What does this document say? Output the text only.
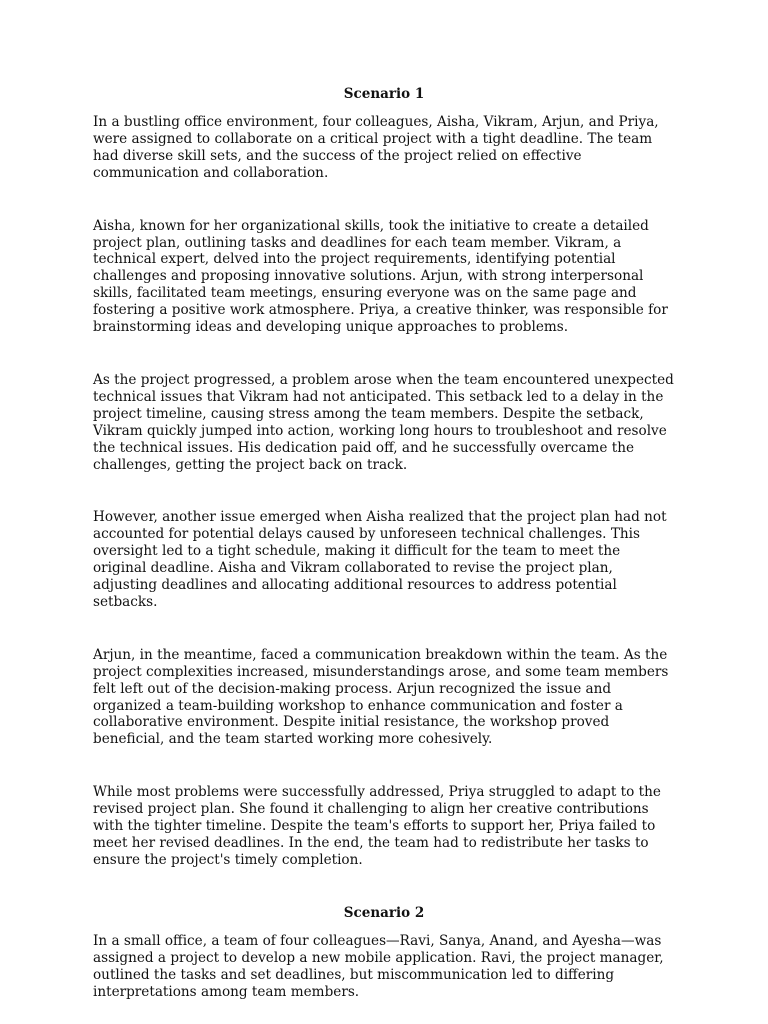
Scenario 1

In a bustling office environment, four colleagues, Aisha, Vikram, Arjun, and Priya, were assigned to collaborate on a critical project with a tight deadline. The team had diverse skill sets, and the success of the project relied on effective communication and collaboration.

Aisha, known for her organizational skills, took the initiative to create a detailed project plan, outlining tasks and deadlines for each team member. Vikram, a technical expert, delved into the project requirements, identifying potential challenges and proposing innovative solutions. Arjun, with strong interpersonal skills, facilitated team meetings, ensuring everyone was on the same page and fostering a positive work atmosphere. Priya, a creative thinker, was responsible for brainstorming ideas and developing unique approaches to problems.

As the project progressed, a problem arose when the team encountered unexpected technical issues that Vikram had not anticipated. This setback led to a delay in the project timeline, causing stress among the team members. Despite the setback, Vikram quickly jumped into action, working long hours to troubleshoot and resolve the technical issues. His dedication paid off, and he successfully overcame the challenges, getting the project back on track.

However, another issue emerged when Aisha realized that the project plan had not accounted for potential delays caused by unforeseen technical challenges. This oversight led to a tight schedule, making it difficult for the team to meet the original deadline. Aisha and Vikram collaborated to revise the project plan, adjusting deadlines and allocating additional resources to address potential setbacks.

Arjun, in the meantime, faced a communication breakdown within the team. As the project complexities increased, misunderstandings arose, and some team members felt left out of the decision-making process. Arjun recognized the issue and organized a team-building workshop to enhance communication and foster a collaborative environment. Despite initial resistance, the workshop proved beneficial, and the team started working more cohesively.

While most problems were successfully addressed, Priya struggled to adapt to the revised project plan. She found it challenging to align her creative contributions with the tighter timeline. Despite the team's efforts to support her, Priya failed to meet her revised deadlines. In the end, the team had to redistribute her tasks to ensure the project's timely completion.

Scenario 2

In a small office, a team of four colleagues—Ravi, Sanya, Anand, and Ayesha—was assigned a project to develop a new mobile application. Ravi, the project manager, outlined the tasks and set deadlines, but miscommunication led to differing interpretations among team members.
